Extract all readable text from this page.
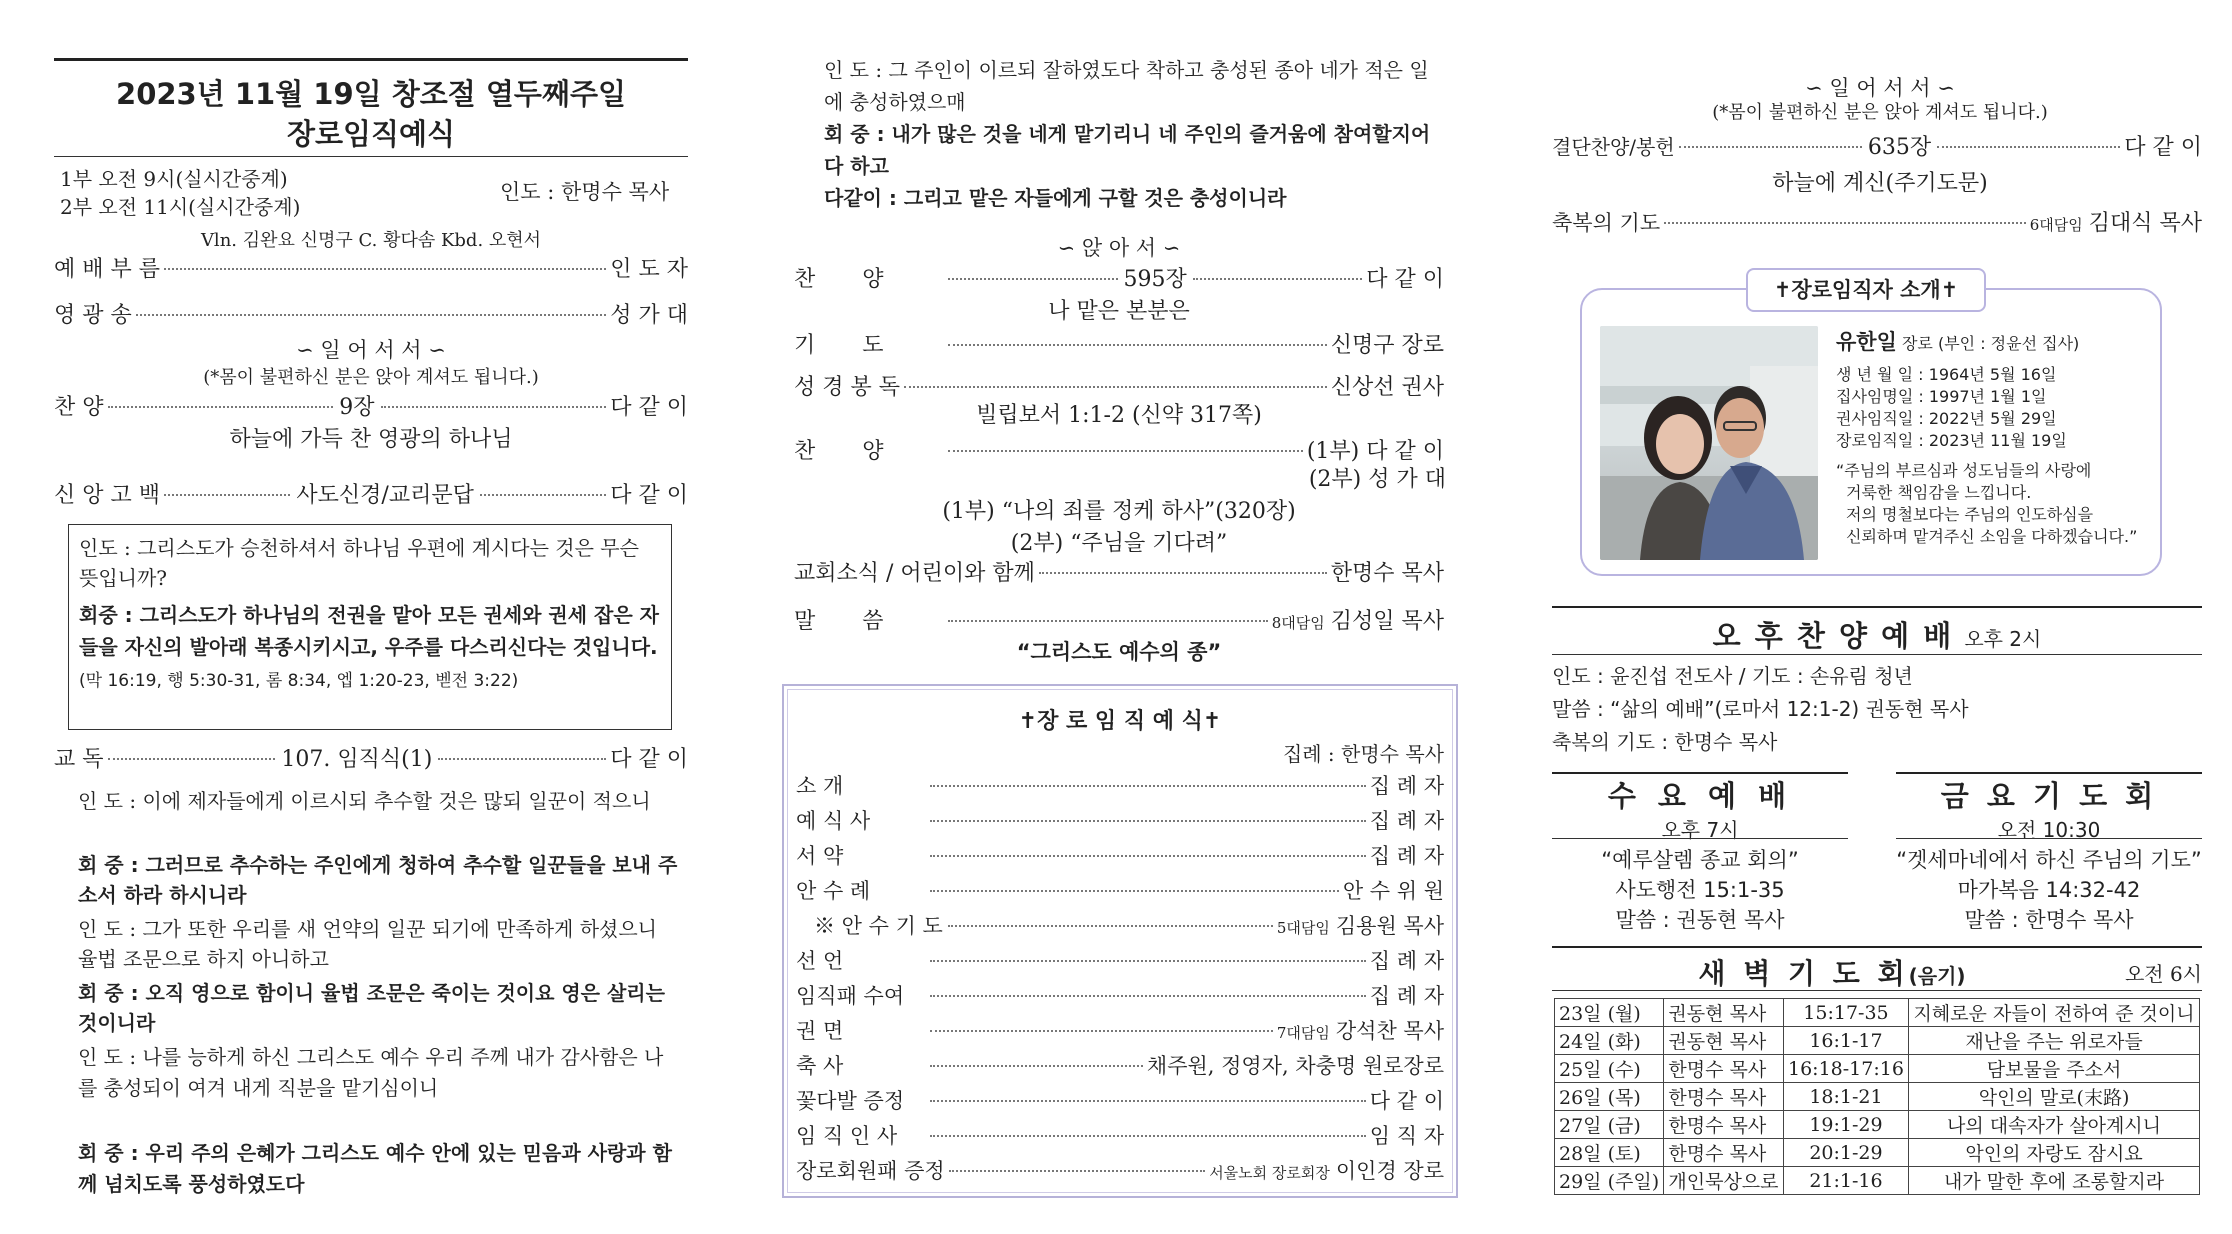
2023년 11월 19일 창조절 열두째주일
장로임직예식
1부 오전 9시(실시간중계)
2부 오전 11시(실시간중계)
인도 : 한명수 목사
Vln. 김완요 신명구 C. 황다솜 Kbd. 오현서
예 배 부 름	인 도 자
영 광 송	성 가 대
∽ 일 어 서 서 ∽
(*몸이 불편하신 분은 앉아 계셔도 됩니다.)
찬 양	9장	다 같 이
하늘에 가득 찬 영광의 하나님
신 앙 고 백	사도신경/교리문답	다 같 이
인도 : 그리스도가 승천하셔서 하나님 우편에 계시다는 것은 무슨 뜻입니까?
회중 : 그리스도가 하나님의 전권을 맡아 모든 권세와 권세 잡은 자들을 자신의 발아래 복종시키시고, 우주를 다스리신다는 것입니다. (막 16:19, 행 5:30-31, 롬 8:34, 엡 1:20-23, 벧전 3:22)
교 독	107. 임직식(1)	다 같 이
인 도 : 이에 제자들에게 이르시되 추수할 것은 많되 일꾼이 적으니
회 중 : 그러므로 추수하는 주인에게 청하여 추수할 일꾼들을 보내 주소서 하라 하시니라
인 도 : 그가 또한 우리를 새 언약의 일꾼 되기에 만족하게 하셨으니 율법 조문으로 하지 아니하고
회 중 : 오직 영으로 함이니 율법 조문은 죽이는 것이요 영은 살리는 것이니라
인 도 : 나를 능하게 하신 그리스도 예수 우리 주께 내가 감사함은 나를 충성되이 여겨 내게 직분을 맡기심이니
회 중 : 우리 주의 은혜가 그리스도 예수 안에 있는 믿음과 사랑과 함께 넘치도록 풍성하였도다
인 도 : 그 주인이 이르되 잘하였도다 착하고 충성된 종아 네가 적은 일에 충성하였으매
회 중 : 내가 많은 것을 네게 맡기리니 네 주인의 즐거움에 참여할지어다 하고
다같이 : 그리고 맡은 자들에게 구할 것은 충성이니라
∽ 앉 아 서 ∽
찬 양	595장	다 같 이
나 맡은 본분은
기 도	신명구 장로
성 경 봉 독	신상선 권사
빌립보서 1:1-2 (신약 317쪽)
찬 양	(1부) 다 같 이
(2부) 성 가 대
(1부) “나의 죄를 정케 하사”(320장)
(2부) “주님을 기다려”
교회소식 / 어린이와 함께	한명수 목사
말 씀	8대담임 김성일 목사
“그리스도 예수의 종”
✝장 로 임 직 예 식✝
집례 : 한명수 목사
소 개	집 례 자
예 식 사	집 례 자
서 약	집 례 자
안 수 례	안 수 위 원
※ 안 수 기 도	5대담임 김용원 목사
선 언	집 례 자
임직패 수여	집 례 자
권 면	7대담임 강석찬 목사
축 사	채주원, 정영자, 차충명 원로장로
꽃다발 증정	다 같 이
임 직 인 사	임 직 자
장로회원패 증정	서울노회 장로회장 이인경 장로
∽ 일 어 서 서 ∽
(*몸이 불편하신 분은 앉아 계셔도 됩니다.)
결단찬양/봉헌	635장	다 같 이
하늘에 계신(주기도문)
축복의 기도	6대담임 김대식 목사
✝장로임직자 소개✝
유한일 장로 (부인 : 정윤선 집사)
생 년 월 일 : 1964년 5월 16일
집사임명일 : 1997년 1월 1일
권사임직일 : 2022년 5월 29일
장로임직일 : 2023년 11월 19일
“주님의 부르심과 성도님들의 사랑에
거룩한 책임감을 느낍니다.
저의 명철보다는 주님의 인도하심을
신뢰하며 맡겨주신 소임을 다하겠습니다.”
오 후 찬 양 예 배 오후 2시
인도 : 윤진섭 전도사 / 기도 : 손유림 청년
말씀 : “삶의 예배”(로마서 12:1-2) 권동현 목사
축복의 기도 : 한명수 목사
수 요 예 배
오후 7시
“예루살렘 종교 회의”
사도행전 15:1-35
말씀 : 권동현 목사
금 요 기 도 회
오전 10:30
“겟세마네에서 하신 주님의 기도”
마가복음 14:32-42
말씀 : 한명수 목사
새 벽 기 도 회(음기)	오전 6시
23일 (월)	권동현 목사	15:17-35	지혜로운 자들이 전하여 준 것이니
24일 (화)	권동현 목사	16:1-17	재난을 주는 위로자들
25일 (수)	한명수 목사	16:18-17:16	담보물을 주소서
26일 (목)	한명수 목사	18:1-21	악인의 말로(末路)
27일 (금)	한명수 목사	19:1-29	나의 대속자가 살아계시니
28일 (토)	한명수 목사	20:1-29	악인의 자랑도 잠시요
29일 (주일)	개인묵상으로	21:1-16	내가 말한 후에 조롱할지라
